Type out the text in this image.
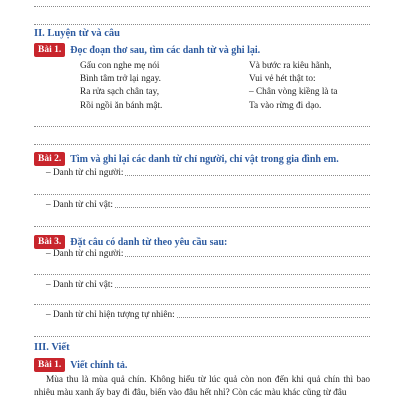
II. Luyện từ và câu
Bài 1. Đọc đoạn thơ sau, tìm các danh từ và ghi lại.
Gấu con nghe mẹ nói
Bình tâm trở lại ngay.
Ra rửa sạch chân tay,
Rồi ngồi ăn bánh mật.
Và bước ra kiêu hãnh,
Vui vẻ hét thật to:
– Chân vòng kiềng là ta
Ta vào rừng đi dạo.
Bài 2. Tìm và ghi lại các danh từ chỉ người, chỉ vật trong gia đình em.
– Danh từ chỉ người:
– Danh từ chỉ vật:
Bài 3. Đặt câu có danh từ theo yêu cầu sau:
– Danh từ chỉ người:
– Danh từ chỉ vật:
– Danh từ chỉ hiện tượng tự nhiên:
III. Viết
Bài 1. Viết chính tả.
Mùa thu là mùa quả chín. Không hiểu từ lúc quả còn non đến khi quả chín thì bao nhiêu màu xanh ấy bay đi đâu, biến vào đâu hết nhỉ? Còn các màu khác cũng từ đâu
